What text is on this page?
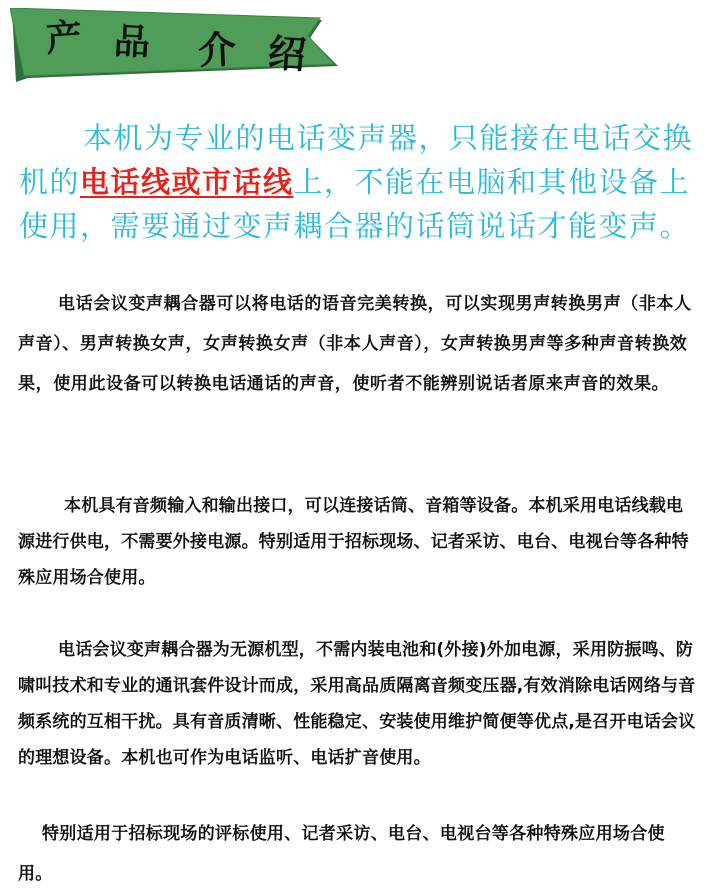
产 品 介 绍

本机为专业的电话变声器，只能接在电话交换机的电话线或市话线上，不能在电脑和其他设备上使用，需要通过变声耦合器的话筒说话才能变声。

电话会议变声耦合器可以将电话的语音完美转换，可以实现男声转换男声（非本人声音）、男声转换女声，女声转换女声（非本人声音），女声转换男声等多种声音转换效果，使用此设备可以转换电话通话的声音，使听者不能辨别说话者原来声音的效果。

本机具有音频输入和输出接口，可以连接话筒、音箱等设备。本机采用电话线载电源进行供电，不需要外接电源。特别适用于招标现场、记者采访、电台、电视台等各种特殊应用场合使用。

电话会议变声耦合器为无源机型，不需内装电池和(外接)外加电源，采用防振鸣、防啸叫技术和专业的通讯套件设计而成，采用高品质隔离音频变压器,有效消除电话网络与音频系统的互相干扰。具有音质清晰、性能稳定、安装使用维护简便等优点,是召开电话会议的理想设备。本机也可作为电话监听、电话扩音使用。

特别适用于招标现场的评标使用、记者采访、电台、电视台等各种特殊应用场合使用。
